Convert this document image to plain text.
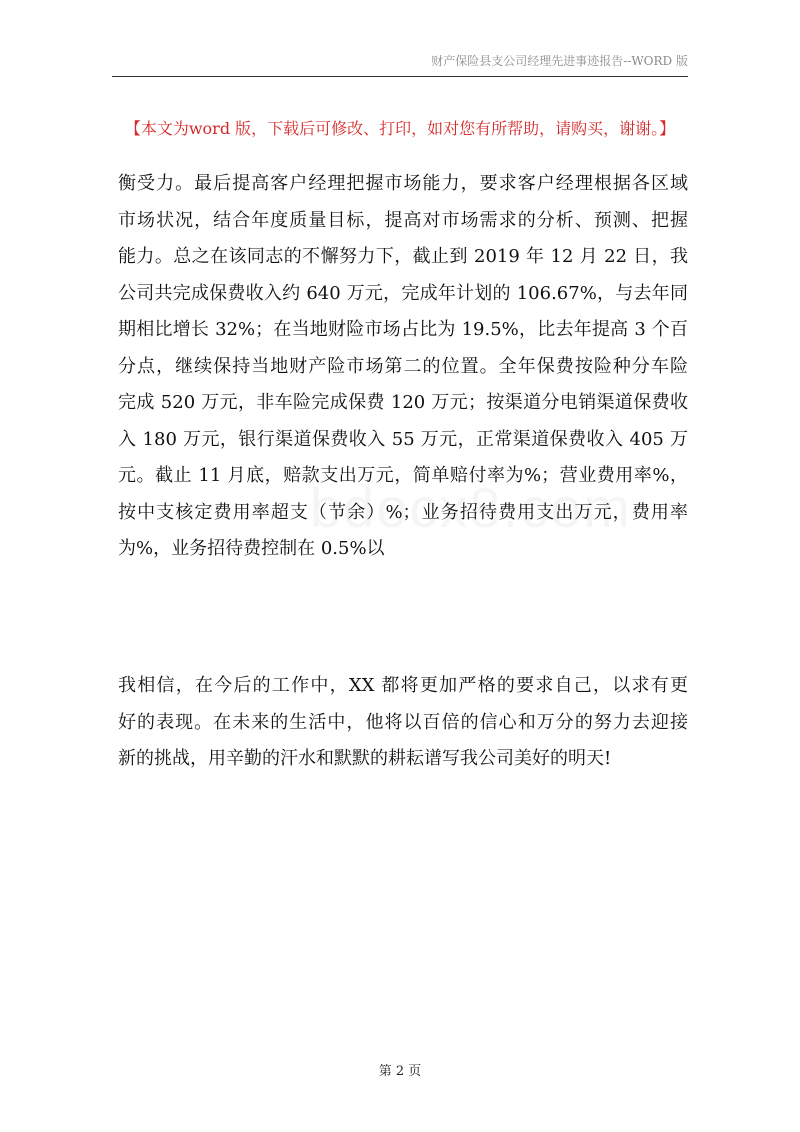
财产保险县支公司经理先进事迹报告--WORD 版
【本文为word 版，下载后可修改、打印，如对您有所帮助，请购买，谢谢。】
衡受力。最后提高客户经理把握市场能力，要求客户经理根据各区域
市场状况，结合年度质量目标，提高对市场需求的分析、预测、把握
能力。总之在该同志的不懈努力下，截止到 2019 年 12 月 22 日，我
公司共完成保费收入约 640 万元，完成年计划的 106.67%，与去年同
期相比增长 32%；在当地财险市场占比为 19.5%，比去年提高 3 个百
分点，继续保持当地财产险市场第二的位置。全年保费按险种分车险
完成 520 万元，非车险完成保费 120 万元；按渠道分电销渠道保费收
入 180 万元，银行渠道保费收入 55 万元，正常渠道保费收入 405 万
元。截止 11 月底，赔款支出万元，简单赔付率为%；营业费用率%，
按中支核定费用率超支（节余）%；业务招待费用支出万元，费用率
为%，业务招待费控制在 0.5%以
我相信，在今后的工作中，XX 都将更加严格的要求自己，以求有更
好的表现。在未来的生活中，他将以百倍的信心和万分的努力去迎接
新的挑战，用辛勤的汗水和默默的耕耘谱写我公司美好的明天!
第 2 页
